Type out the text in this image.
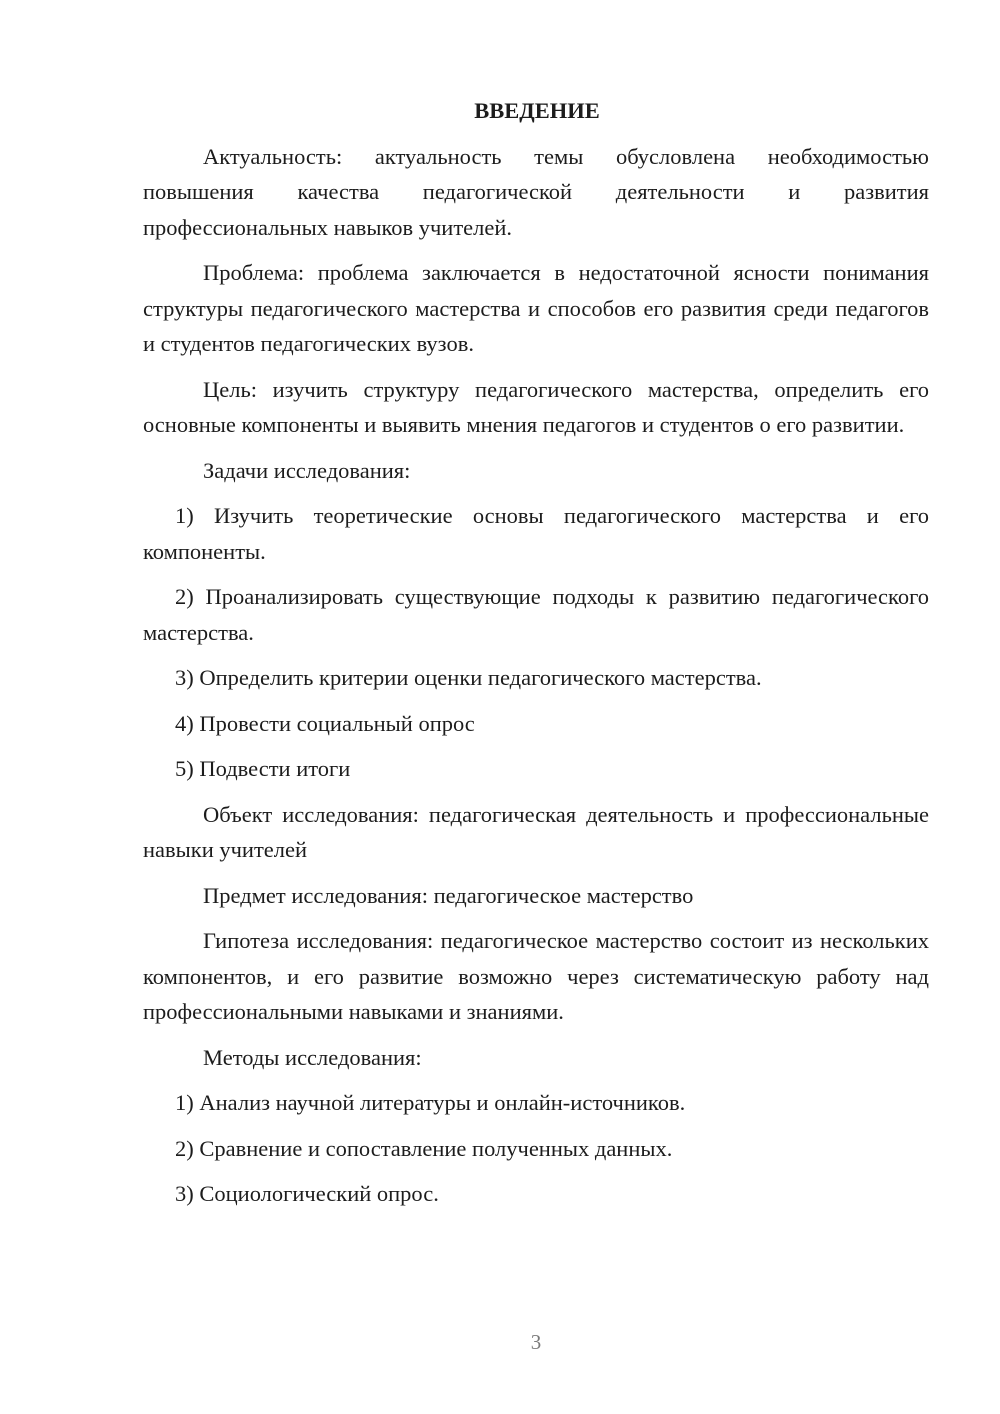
ВВЕДЕНИЕ

Актуальность: актуальность темы обусловлена необходимостью повышения качества педагогической деятельности и развития профессиональных навыков учителей.

Проблема: проблема заключается в недостаточной ясности понимания структуры педагогического мастерства и способов его развития среди педагогов и студентов педагогических вузов.

Цель: изучить структуру педагогического мастерства, определить его основные компоненты и выявить мнения педагогов и студентов о его развитии.

Задачи исследования:

1) Изучить теоретические основы педагогического мастерства и его компоненты.

2) Проанализировать существующие подходы к развитию педагогического мастерства.

3) Определить критерии оценки педагогического мастерства.

4) Провести социальный опрос

5) Подвести итоги

Объект исследования: педагогическая деятельность и профессиональные навыки учителей

Предмет исследования: педагогическое мастерство

Гипотеза исследования: педагогическое мастерство состоит из нескольких компонентов, и его развитие возможно через систематическую работу над профессиональными навыками и знаниями.

Методы исследования:

1) Анализ научной литературы и онлайн-источников.

2) Сравнение и сопоставление полученных данных.

3) Социологический опрос.

3
